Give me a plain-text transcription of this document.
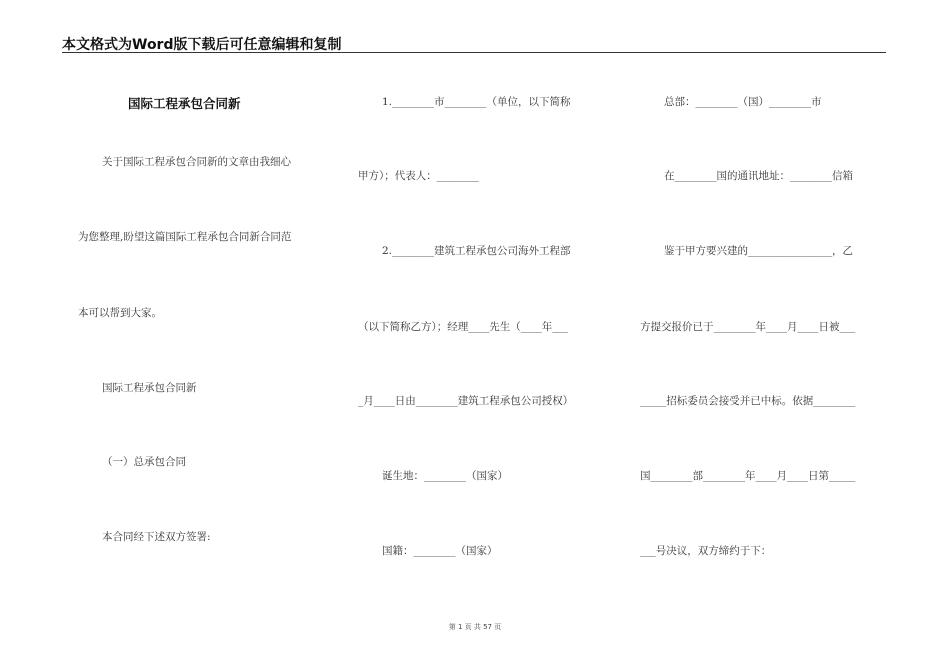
本文格式为Word版下载后可任意编辑和复制
国际工程承包合同新
关于国际工程承包合同新的文章由我细心
为您整理,盼望这篇国际工程承包合同新合同范
本可以帮到大家。
国际工程承包合同新
（一）总承包合同
本合同经下述双方签署:
1.________市________（单位，以下简称
甲方）；代表人：________
2.________建筑工程承包公司海外工程部
（以下简称乙方）；经理____先生（____年___
_月____日由________建筑工程承包公司授权）
诞生地：________（国家）
国籍：________（国家）
总部：________（国）________市
在________国的通讯地址：________信箱
鉴于甲方要兴建的________________，乙
方提交报价已于________年____月____日被___
_____招标委员会接受并已中标。依据________
国________部________年____月____日第_____
___号决议，双方缔约于下：
第 1 页 共 57 页
